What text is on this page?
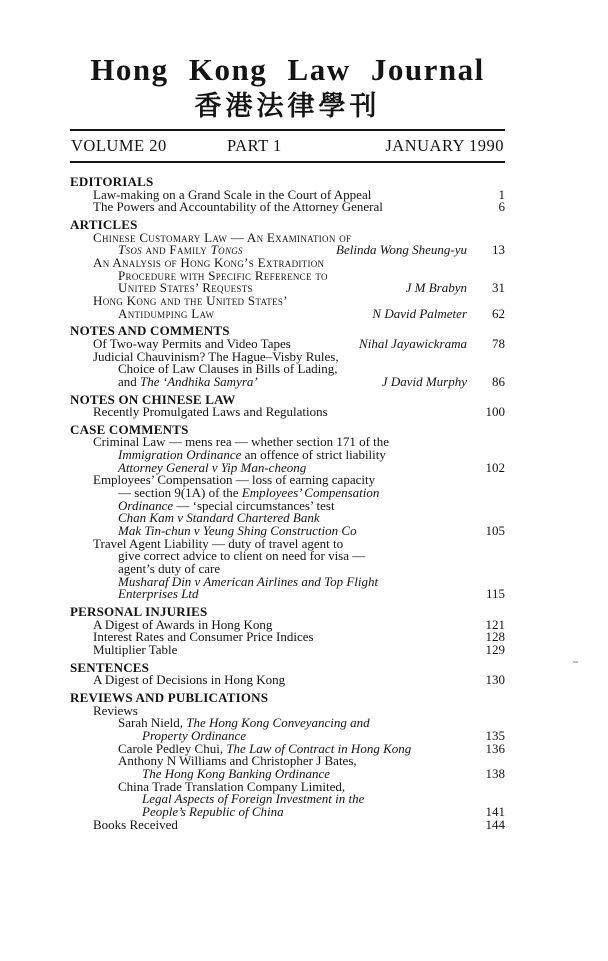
Hong Kong Law Journal
香港法律學刊
VOLUME 20	PART 1	JANUARY 1990
EDITORIALS
Law-making on a Grand Scale in the Court of Appeal	1
The Powers and Accountability of the Attorney General	6
ARTICLES
Chinese Customary Law — An Examination of
Tsos and Family Tongs	Belinda Wong Sheung-yu	13
An Analysis of Hong Kong’s Extradition
Procedure with Specific Reference to
United States’ Requests	J M Brabyn	31
Hong Kong and the United States’
Antidumping Law	N David Palmeter	62
NOTES AND COMMENTS
Of Two-way Permits and Video Tapes	Nihal Jayawickrama	78
Judicial Chauvinism? The Hague–Visby Rules,
Choice of Law Clauses in Bills of Lading,
and The ‘Andhika Samyra’	J David Murphy	86
NOTES ON CHINESE LAW
Recently Promulgated Laws and Regulations	100
CASE COMMENTS
Criminal Law — mens rea — whether section 171 of the
Immigration Ordinance an offence of strict liability
Attorney General v Yip Man-cheong	102
Employees’ Compensation — loss of earning capacity
— section 9(1A) of the Employees’ Compensation
Ordinance — ‘special circumstances’ test
Chan Kam v Standard Chartered Bank
Mak Tin-chun v Yeung Shing Construction Co	105
Travel Agent Liability — duty of travel agent to
give correct advice to client on need for visa —
agent’s duty of care
Musharaf Din v American Airlines and Top Flight
Enterprises Ltd	115
PERSONAL INJURIES
A Digest of Awards in Hong Kong	121
Interest Rates and Consumer Price Indices	128
Multiplier Table	129
SENTENCES
A Digest of Decisions in Hong Kong	130
REVIEWS AND PUBLICATIONS
Reviews
Sarah Nield, The Hong Kong Conveyancing and
Property Ordinance	135
Carole Pedley Chui, The Law of Contract in Hong Kong	136
Anthony N Williams and Christopher J Bates,
The Hong Kong Banking Ordinance	138
China Trade Translation Company Limited,
Legal Aspects of Foreign Investment in the
People’s Republic of China	141
Books Received	144
